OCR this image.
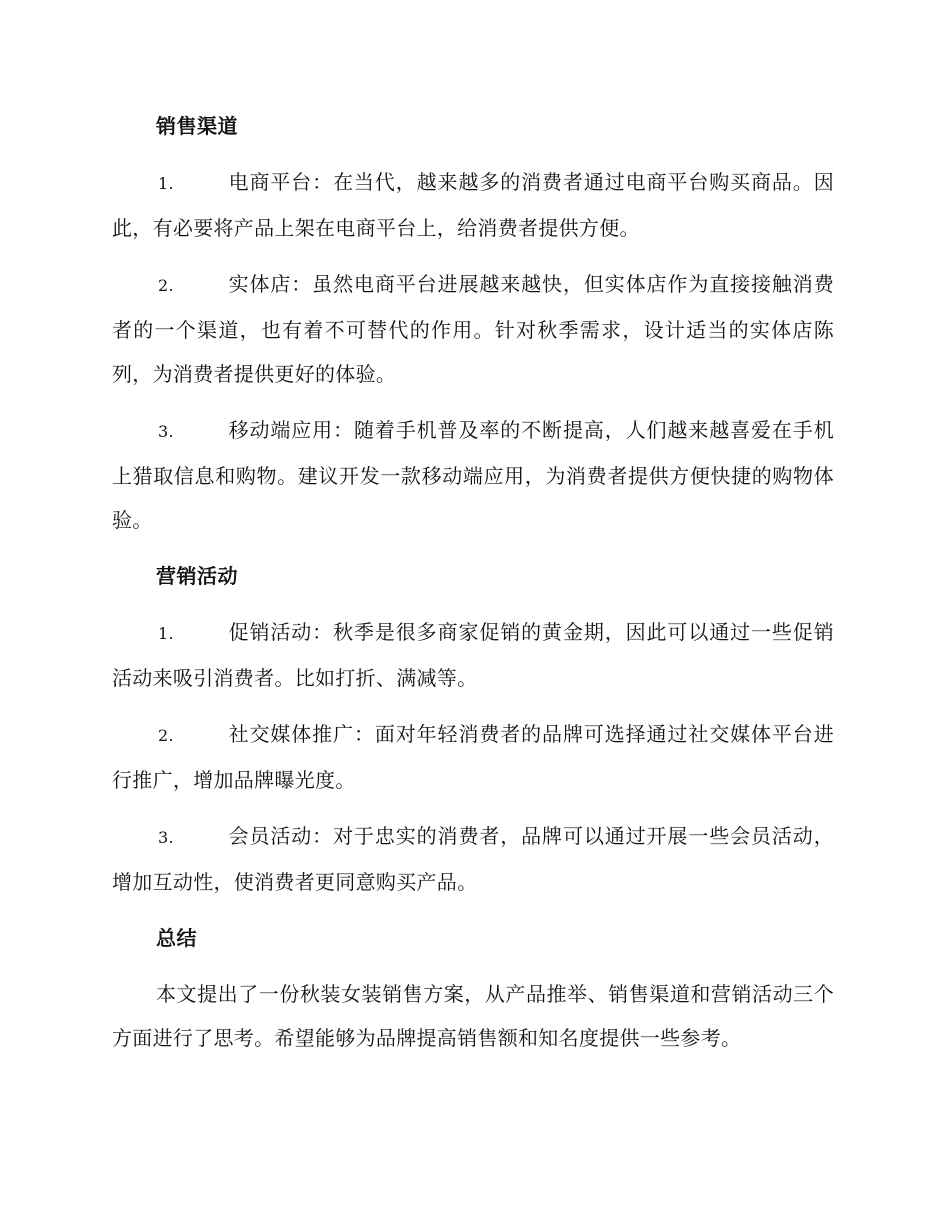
销售渠道
1.	电商平台：在当代，越来越多的消费者通过电商平台购买商品。因此，有必要将产品上架在电商平台上，给消费者提供方便。
2.	实体店：虽然电商平台进展越来越快，但实体店作为直接接触消费者的一个渠道，也有着不可替代的作用。针对秋季需求，设计适当的实体店陈列，为消费者提供更好的体验。
3.	移动端应用：随着手机普及率的不断提高，人们越来越喜爱在手机上猎取信息和购物。建议开发一款移动端应用，为消费者提供方便快捷的购物体验。
营销活动
1.	促销活动：秋季是很多商家促销的黄金期，因此可以通过一些促销活动来吸引消费者。比如打折、满减等。
2.	社交媒体推广：面对年轻消费者的品牌可选择通过社交媒体平台进行推广，增加品牌曝光度。
3.	会员活动：对于忠实的消费者，品牌可以通过开展一些会员活动，增加互动性，使消费者更同意购买产品。
总结
本文提出了一份秋装女装销售方案，从产品推举、销售渠道和营销活动三个方面进行了思考。希望能够为品牌提高销售额和知名度提供一些参考。
